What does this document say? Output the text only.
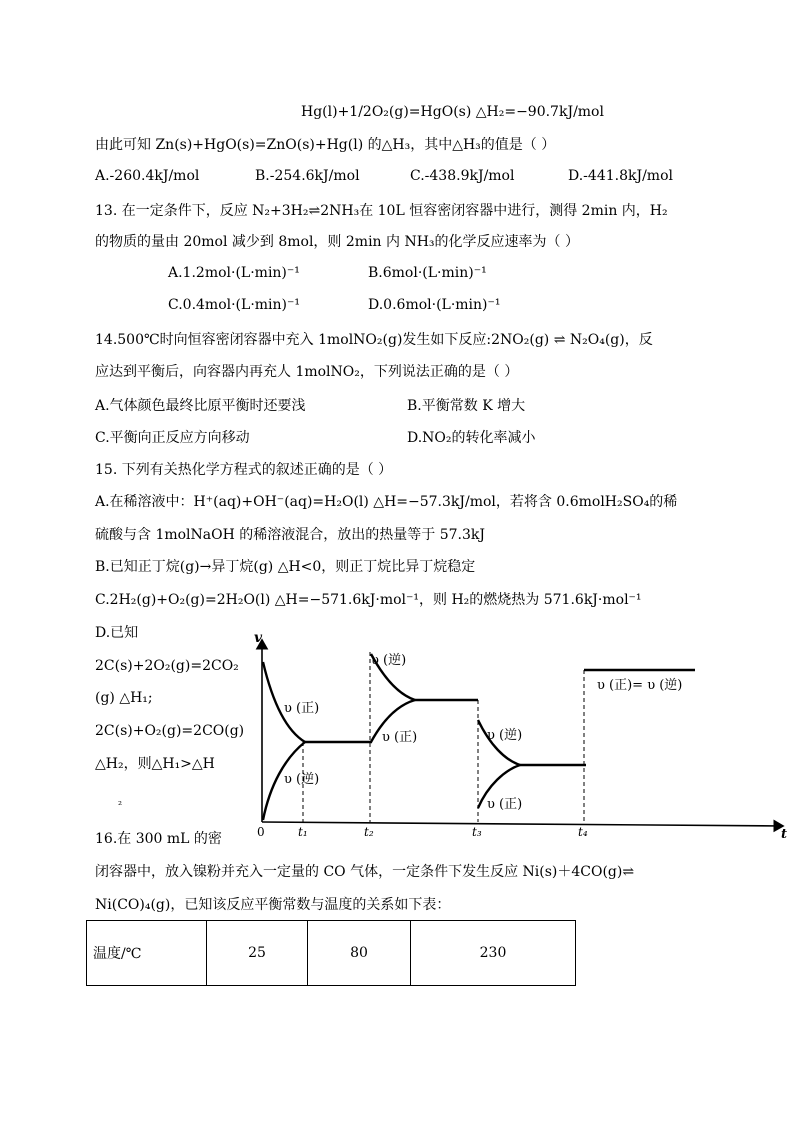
Hg(l)+1/2O₂(g)=HgO(s) △H₂=−90.7kJ/mol
由此可知 Zn(s)+HgO(s)=ZnO(s)+Hg(l) 的△H₃，其中△H₃的值是（ ）
A.-260.4kJ/mol	B.-254.6kJ/mol	C.-438.9kJ/mol	D.-441.8kJ/mol
13. 在一定条件下，反应 N₂+3H₂⇌2NH₃在 10L 恒容密闭容器中进行，测得 2min 内，H₂
的物质的量由 20mol 减少到 8mol，则 2min 内 NH₃的化学反应速率为（ ）
A.1.2mol·(L·min)⁻¹	B.6mol·(L·min)⁻¹
C.0.4mol·(L·min)⁻¹	D.0.6mol·(L·min)⁻¹
14.500℃时向恒容密闭容器中充入 1molNO₂(g)发生如下反应:2NO₂(g) ⇌ N₂O₄(g)，反
应达到平衡后，向容器内再充人 1molNO₂，下列说法正确的是（ ）
A.气体颜色最终比原平衡时还要浅	B.平衡常数 K 增大
C.平衡向正反应方向移动	D.NO₂的转化率减小
15. 下列有关热化学方程式的叙述正确的是（ ）
A.在稀溶液中：H⁺(aq)+OH⁻(aq)=H₂O(l) △H=−57.3kJ/mol，若将含 0.6molH₂SO₄的稀
硫酸与含 1molNaOH 的稀溶液混合，放出的热量等于 57.3kJ
B.已知正丁烷(g)→异丁烷(g) △H<0，则正丁烷比异丁烷稳定
C.2H₂(g)+O₂(g)=2H₂O(l) △H=−571.6kJ·mol⁻¹，则 H₂的燃烧热为 571.6kJ·mol⁻¹
D.已知
2C(s)+2O₂(g)=2CO₂
(g) △H₁;
2C(s)+O₂(g)=2CO(g)
△H₂，则△H₁>△H
₂
v
t
0	t₁	t₂	t₃	t₄
υ (正)
υ (逆)
υ (逆)
υ (正)	υ (逆)
υ (正)
υ (正)= υ (逆)
16.在 300 mL 的密
闭容器中，放入镍粉并充入一定量的 CO 气体，一定条件下发生反应 Ni(s)＋4CO(g)⇌
Ni(CO)₄(g)，已知该反应平衡常数与温度的关系如下表：
温度/℃	25	80	230
